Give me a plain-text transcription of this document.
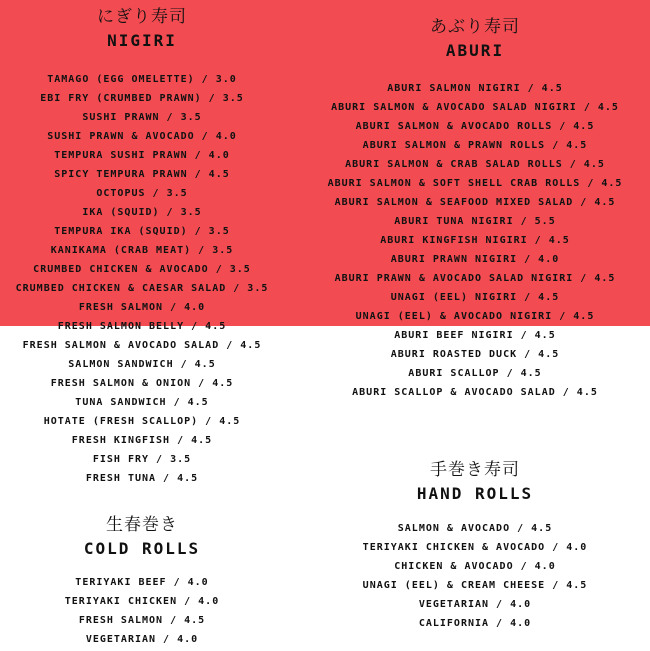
にぎり寿司
NIGIRI
TAMAGO (EGG OMELETTE) / 3.0
EBI FRY (CRUMBED PRAWN) / 3.5
SUSHI PRAWN / 3.5
SUSHI PRAWN & AVOCADO / 4.0
TEMPURA SUSHI PRAWN / 4.0
SPICY TEMPURA PRAWN / 4.5
OCTOPUS / 3.5
IKA (SQUID) / 3.5
TEMPURA IKA (SQUID) / 3.5
KANIKAMA (CRAB MEAT) / 3.5
CRUMBED CHICKEN & AVOCADO / 3.5
CRUMBED CHICKEN & CAESAR SALAD / 3.5
FRESH SALMON / 4.0
FRESH SALMON BELLY / 4.5
FRESH SALMON & AVOCADO SALAD / 4.5
SALMON SANDWICH / 4.5
FRESH SALMON & ONION / 4.5
TUNA SANDWICH / 4.5
HOTATE (FRESH SCALLOP) / 4.5
FRESH KINGFISH / 4.5
FISH FRY / 3.5
FRESH TUNA / 4.5
あぶり寿司
ABURI
ABURI SALMON NIGIRI / 4.5
ABURI SALMON & AVOCADO SALAD NIGIRI / 4.5
ABURI SALMON & AVOCADO ROLLS / 4.5
ABURI SALMON & PRAWN ROLLS / 4.5
ABURI SALMON & CRAB SALAD ROLLS / 4.5
ABURI SALMON & SOFT SHELL CRAB ROLLS / 4.5
ABURI SALMON & SEAFOOD MIXED SALAD / 4.5
ABURI TUNA NIGIRI / 5.5
ABURI KINGFISH NIGIRI / 4.5
ABURI PRAWN NIGIRI / 4.0
ABURI PRAWN & AVOCADO SALAD NIGIRI / 4.5
UNAGI (EEL) NIGIRI / 4.5
UNAGI (EEL) & AVOCADO NIGIRI / 4.5
ABURI BEEF NIGIRI / 4.5
ABURI ROASTED DUCK / 4.5
ABURI SCALLOP / 4.5
ABURI SCALLOP & AVOCADO SALAD / 4.5
手巻き寿司
HAND ROLLS
SALMON & AVOCADO / 4.5
TERIYAKI CHICKEN & AVOCADO / 4.0
CHICKEN & AVOCADO / 4.0
UNAGI (EEL) & CREAM CHEESE / 4.5
VEGETARIAN / 4.0
CALIFORNIA / 4.0
生春巻き
COLD ROLLS
TERIYAKI BEEF / 4.0
TERIYAKI CHICKEN / 4.0
FRESH SALMON / 4.5
VEGETARIAN / 4.0
